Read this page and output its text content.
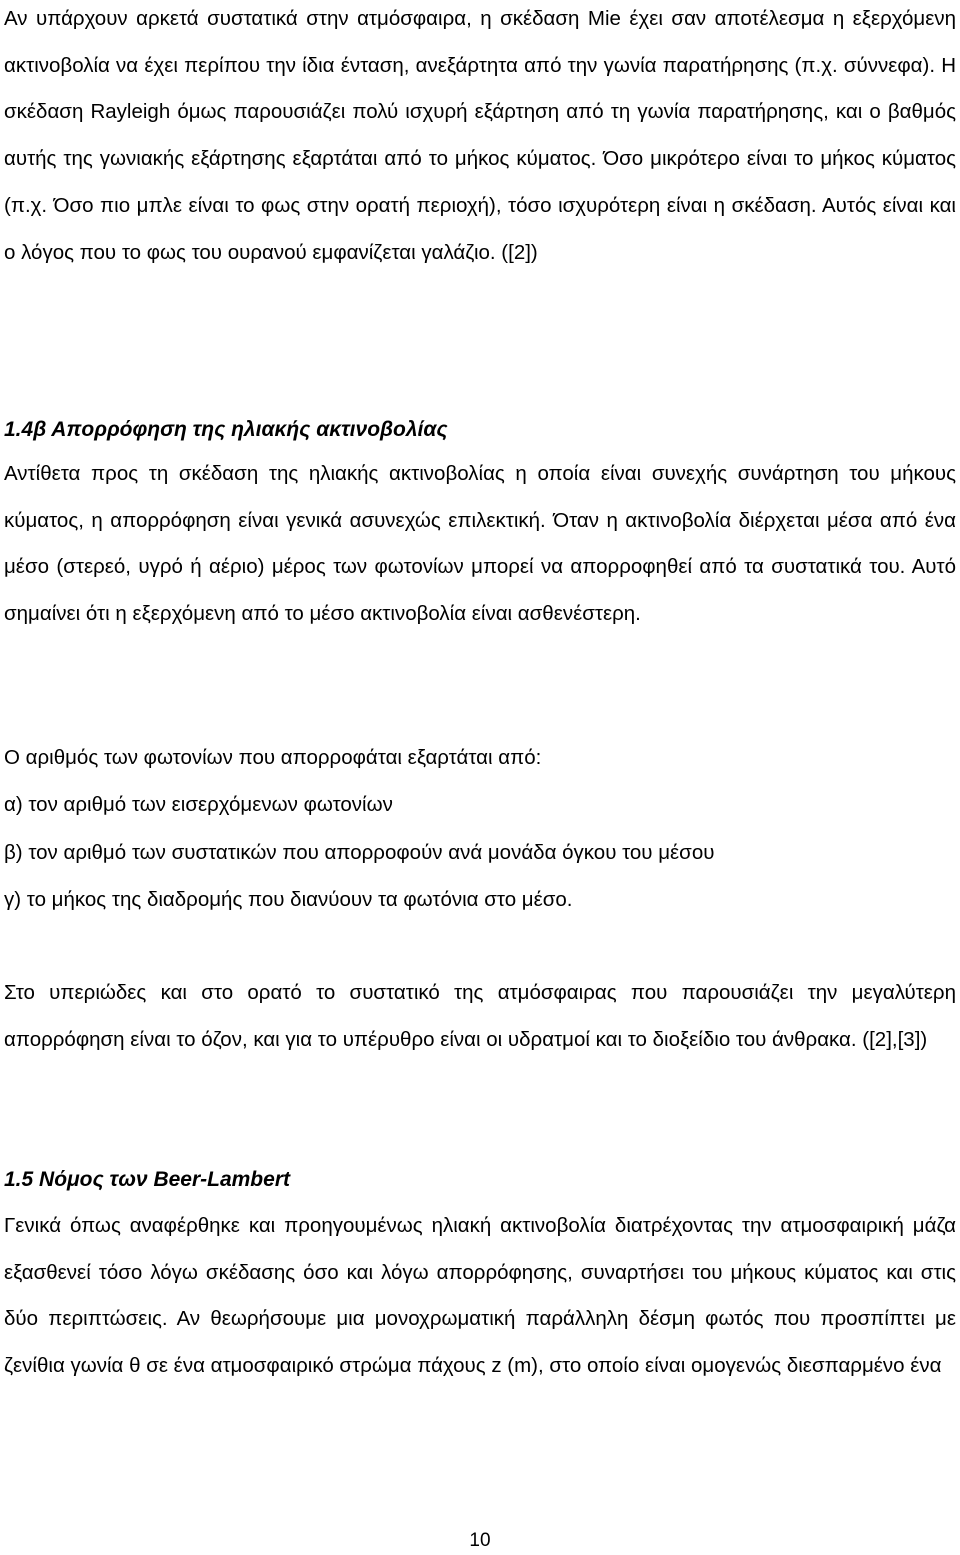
Αν υπάρχουν αρκετά συστατικά στην ατμόσφαιρα, η σκέδαση Mie έχει σαν αποτέλεσμα η εξερχόμενη ακτινοβολία να έχει περίπου την ίδια ένταση, ανεξάρτητα από την γωνία παρατήρησης (π.χ. σύννεφα). Η σκέδαση Rayleigh όμως παρουσιάζει πολύ ισχυρή εξάρτηση από τη γωνία παρατήρησης, και ο βαθμός αυτής της γωνιακής εξάρτησης εξαρτάται από το μήκος κύματος. Όσο μικρότερο είναι το μήκος κύματος (π.χ. Όσο πιο μπλε είναι το φως στην ορατή περιοχή), τόσο ισχυρότερη είναι η σκέδαση. Αυτός είναι και ο λόγος που το φως του ουρανού εμφανίζεται γαλάζιο. ([2])

1.4β Απορρόφηση της ηλιακής ακτινοβολίας

Αντίθετα προς τη σκέδαση της ηλιακής ακτινοβολίας η οποία είναι συνεχής συνάρτηση του μήκους κύματος, η απορρόφηση είναι γενικά ασυνεχώς επιλεκτική. Όταν η ακτινοβολία διέρχεται μέσα από ένα μέσο (στερεό, υγρό ή αέριο) μέρος των φωτονίων μπορεί να απορροφηθεί από τα συστατικά του. Αυτό σημαίνει ότι η εξερχόμενη από το μέσο ακτινοβολία είναι ασθενέστερη.

Ο αριθμός των φωτονίων που απορροφάται εξαρτάται από:

α) τον αριθμό των εισερχόμενων φωτονίων

β) τον αριθμό των συστατικών που απορροφούν ανά μονάδα όγκου του μέσου

γ) το μήκος της διαδρομής που διανύουν τα φωτόνια στο μέσο.

Στο υπεριώδες και στο ορατό το συστατικό της ατμόσφαιρας που παρουσιάζει την μεγαλύτερη απορρόφηση είναι το όζον, και για το υπέρυθρο είναι οι υδρατμοί και το διοξείδιο του άνθρακα. ([2],[3])

1.5 Νόμος των Beer-Lambert

Γενικά όπως αναφέρθηκε και προηγουμένως ηλιακή ακτινοβολία διατρέχοντας την ατμοσφαιρική μάζα εξασθενεί τόσο λόγω σκέδασης όσο και λόγω απορρόφησης, συναρτήσει του μήκους κύματος και στις δύο περιπτώσεις. Αν θεωρήσουμε μια μονοχρωματική παράλληλη δέσμη φωτός που προσπίπτει με ζενίθια γωνία θ σε ένα ατμοσφαιρικό στρώμα πάχους z (m), στο οποίο είναι ομογενώς διεσπαρμένο ένα

10
